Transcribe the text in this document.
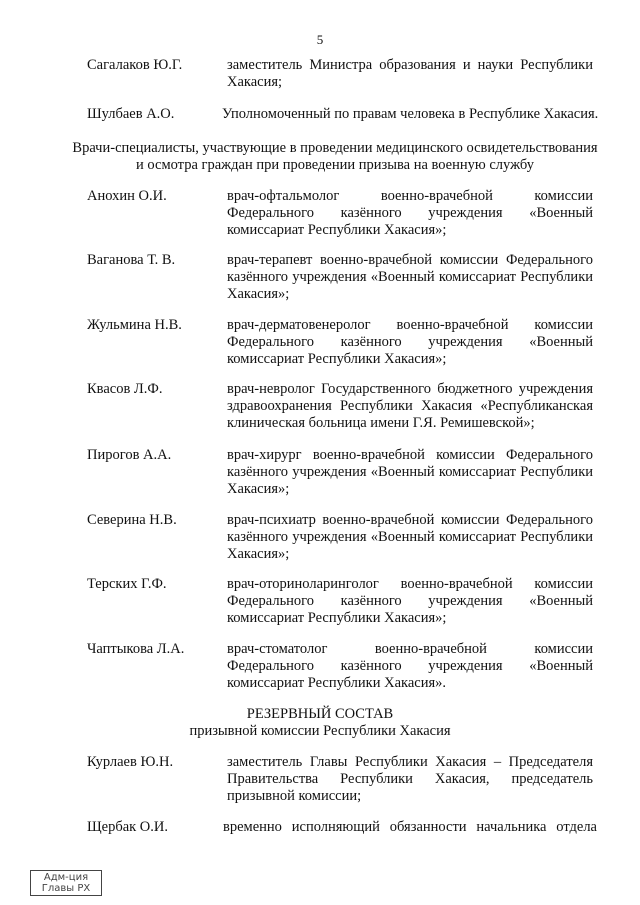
5
Сагалаков Ю.Г.	заместитель Министра образования и науки Республики Хакасия;
Шулбаев А.О.	Уполномоченный по правам человека в Республике Хакасия.
Врачи-специалисты, участвующие в проведении медицинского освидетельствования и осмотра граждан при проведении призыва на военную службу
Анохин О.И.	врач-офтальмолог военно-врачебной комиссии Федерального казённого учреждения «Военный комиссариат Республики Хакасия»;
Ваганова Т. В.	врач-терапевт военно-врачебной комиссии Федерального казённого учреждения «Военный комиссариат Республики Хакасия»;
Жульмина Н.В.	врач-дерматовенеролог военно-врачебной комиссии Федерального казённого учреждения «Военный комиссариат Республики Хакасия»;
Квасов Л.Ф.	врач-невролог Государственного бюджетного учреждения здравоохранения Республики Хакасия «Республиканская клиническая больница имени Г.Я. Ремишевской»;
Пирогов А.А.	врач-хирург военно-врачебной комиссии Федерального казённого учреждения «Военный комиссариат Республики Хакасия»;
Северина Н.В.	врач-психиатр военно-врачебной комиссии Федерального казённого учреждения «Военный комиссариат Республики Хакасия»;
Терских Г.Ф.	врач-оториноларинголог военно-врачебной комиссии Федерального казённого учреждения «Военный комиссариат Республики Хакасия»;
Чаптыкова Л.А.	врач-стоматолог военно-врачебной комиссии Федерального казённого учреждения «Военный комиссариат Республики Хакасия».
РЕЗЕРВНЫЙ СОСТАВ
призывной комиссии Республики Хакасия
Курлаев Ю.Н.	заместитель Главы Республики Хакасия – Председателя Правительства Республики Хакасия, председатель призывной комиссии;
Щербак О.И.	временно исполняющий обязанности начальника отдела
Адм-ция
Главы РХ
